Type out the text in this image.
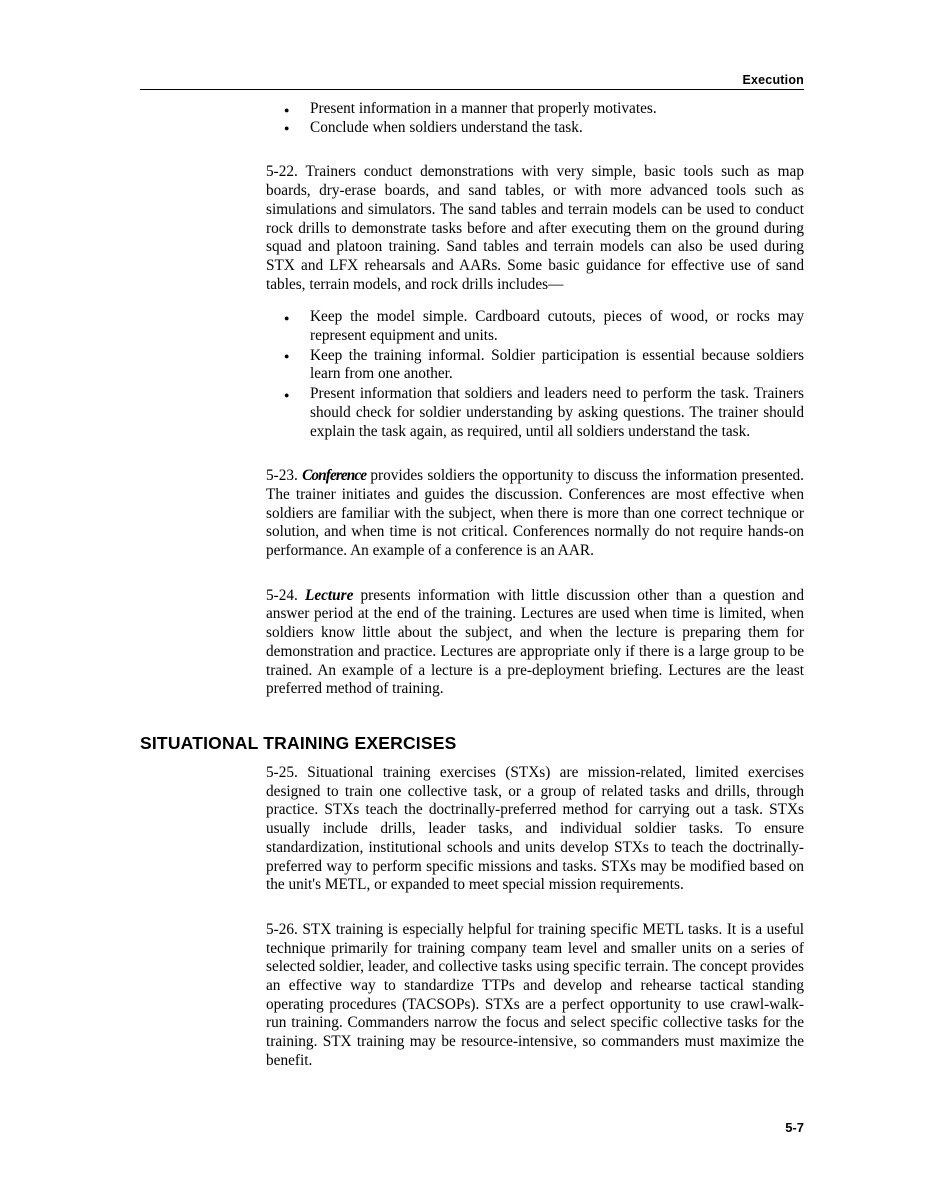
Execution
● Present information in a manner that properly motivates.
● Conclude when soldiers understand the task.

5-22. Trainers conduct demonstrations with very simple, basic tools such as map boards, dry-erase boards, and sand tables, or with more advanced tools such as simulations and simulators. The sand tables and terrain models can be used to conduct rock drills to demonstrate tasks before and after executing them on the ground during squad and platoon training. Sand tables and terrain models can also be used during STX and LFX rehearsals and AARs. Some basic guidance for effective use of sand tables, terrain models, and rock drills includes—

● Keep the model simple. Cardboard cutouts, pieces of wood, or rocks may represent equipment and units.
● Keep the training informal. Soldier participation is essential because soldiers learn from one another.
● Present information that soldiers and leaders need to perform the task. Trainers should check for soldier understanding by asking questions. The trainer should explain the task again, as required, until all soldiers understand the task.

5-23. Conference provides soldiers the opportunity to discuss the information presented. The trainer initiates and guides the discussion. Conferences are most effective when soldiers are familiar with the subject, when there is more than one correct technique or solution, and when time is not critical. Conferences normally do not require hands-on performance. An example of a conference is an AAR.

5-24. Lecture presents information with little discussion other than a question and answer period at the end of the training. Lectures are used when time is limited, when soldiers know little about the subject, and when the lecture is preparing them for demonstration and practice. Lectures are appropriate only if there is a large group to be trained. An example of a lecture is a pre-deployment briefing. Lectures are the least preferred method of training.

SITUATIONAL TRAINING EXERCISES

5-25. Situational training exercises (STXs) are mission-related, limited exercises designed to train one collective task, or a group of related tasks and drills, through practice. STXs teach the doctrinally-preferred method for carrying out a task. STXs usually include drills, leader tasks, and individual soldier tasks. To ensure standardization, institutional schools and units develop STXs to teach the doctrinally-preferred way to perform specific missions and tasks. STXs may be modified based on the unit's METL, or expanded to meet special mission requirements.

5-26. STX training is especially helpful for training specific METL tasks. It is a useful technique primarily for training company team level and smaller units on a series of selected soldier, leader, and collective tasks using specific terrain. The concept provides an effective way to standardize TTPs and develop and rehearse tactical standing operating procedures (TACSOPs). STXs are a perfect opportunity to use crawl-walk-run training. Commanders narrow the focus and select specific collective tasks for the training. STX training may be resource-intensive, so commanders must maximize the benefit.

5-7
